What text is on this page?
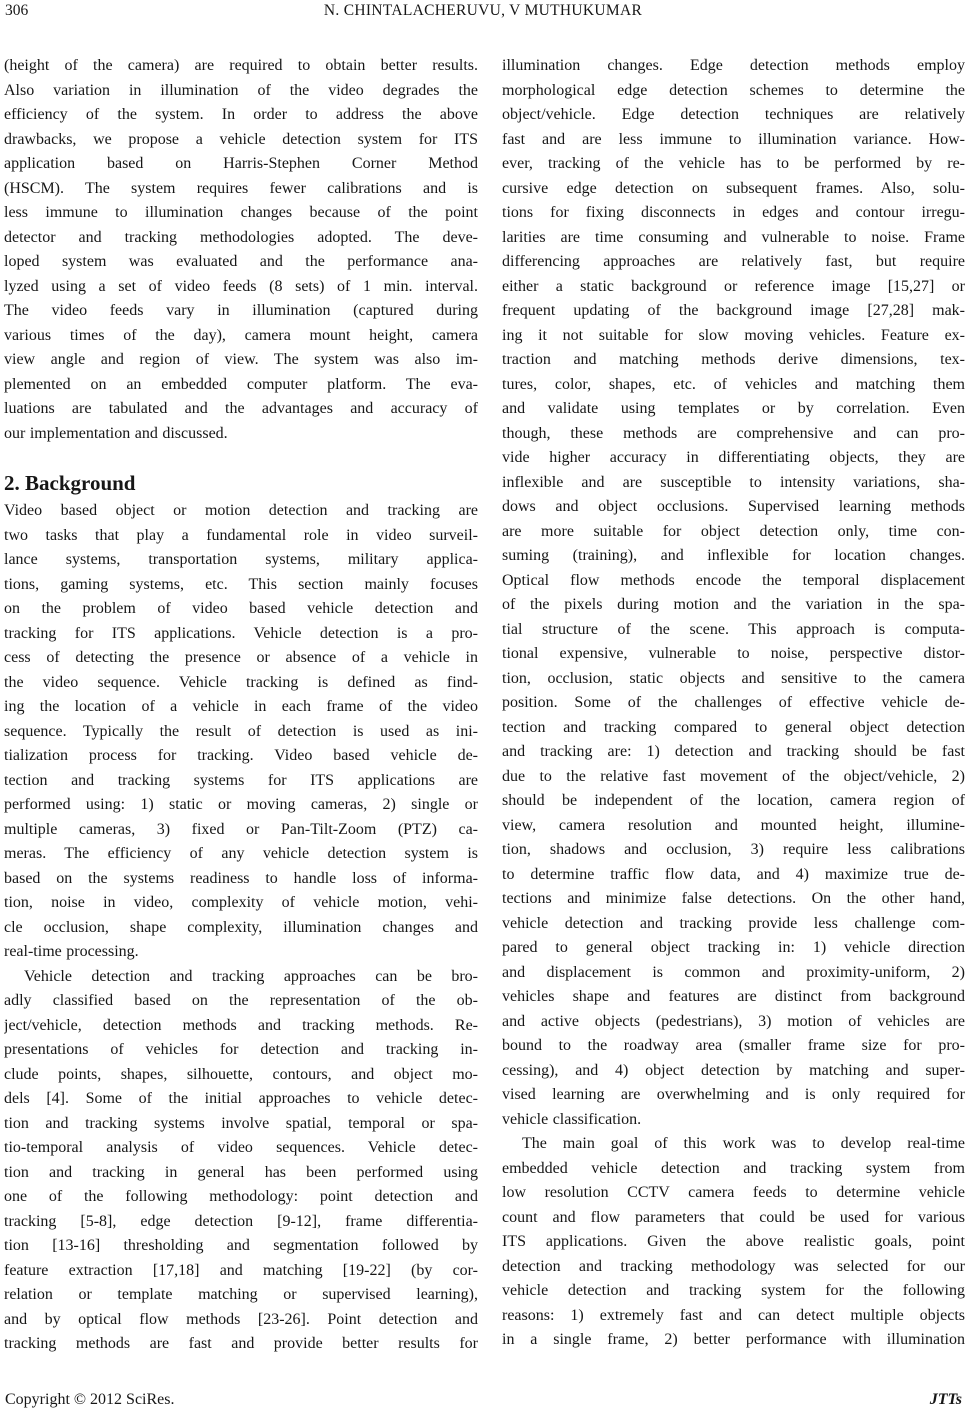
306	N. CHINTALACHERUVU, V MUTHUKUMAR
(height of the camera) are required to obtain better results.
Also variation in illumination of the video degrades the
efficiency of the system. In order to address the above
drawbacks, we propose a vehicle detection system for ITS
application based on Harris-Stephen Corner Method
(HSCM). The system requires fewer calibrations and is
less immune to illumination changes because of the point
detector and tracking methodologies adopted. The deve-
loped system was evaluated and the performance ana-
lyzed using a set of video feeds (8 sets) of 1 min. interval.
The video feeds vary in illumination (captured during
various times of the day), camera mount height, camera
view angle and region of view. The system was also im-
plemented on an embedded computer platform. The eva-
luations are tabulated and the advantages and accuracy of
our implementation and discussed.
2. Background
Video based object or motion detection and tracking are
two tasks that play a fundamental role in video surveil-
lance systems, transportation systems, military applica-
tions, gaming systems, etc. This section mainly focuses
on the problem of video based vehicle detection and
tracking for ITS applications. Vehicle detection is a pro-
cess of detecting the presence or absence of a vehicle in
the video sequence. Vehicle tracking is defined as find-
ing the location of a vehicle in each frame of the video
sequence. Typically the result of detection is used as ini-
tialization process for tracking. Video based vehicle de-
tection and tracking systems for ITS applications are
performed using: 1) static or moving cameras, 2) single or
multiple cameras, 3) fixed or Pan-Tilt-Zoom (PTZ) ca-
meras. The efficiency of any vehicle detection system is
based on the systems readiness to handle loss of informa-
tion, noise in video, complexity of vehicle motion, vehi-
cle occlusion, shape complexity, illumination changes and
real-time processing.
Vehicle detection and tracking approaches can be bro-
adly classified based on the representation of the ob-
ject/vehicle, detection methods and tracking methods. Re-
presentations of vehicles for detection and tracking in-
clude points, shapes, silhouette, contours, and object mo-
dels [4]. Some of the initial approaches to vehicle detec-
tion and tracking systems involve spatial, temporal or spa-
tio-temporal analysis of video sequences. Vehicle detec-
tion and tracking in general has been performed using
one of the following methodology: point detection and
tracking [5-8], edge detection [9-12], frame differentia-
tion [13-16] thresholding and segmentation followed by
feature extraction [17,18] and matching [19-22] (by cor-
relation or template matching or supervised learning),
and by optical flow methods [23-26]. Point detection and
tracking methods are fast and provide better results for
illumination changes. Edge detection methods employ
morphological edge detection schemes to determine the
object/vehicle. Edge detection techniques are relatively
fast and are less immune to illumination variance. How-
ever, tracking of the vehicle has to be performed by re-
cursive edge detection on subsequent frames. Also, solu-
tions for fixing disconnects in edges and contour irregu-
larities are time consuming and vulnerable to noise. Frame
differencing approaches are relatively fast, but require
either a static background or reference image [15,27] or
frequent updating of the background image [27,28] mak-
ing it not suitable for slow moving vehicles. Feature ex-
traction and matching methods derive dimensions, tex-
tures, color, shapes, etc. of vehicles and matching them
and validate using templates or by correlation. Even
though, these methods are comprehensive and can pro-
vide higher accuracy in differentiating objects, they are
inflexible and are susceptible to intensity variations, sha-
dows and object occlusions. Supervised learning methods
are more suitable for object detection only, time con-
suming (training), and inflexible for location changes.
Optical flow methods encode the temporal displacement
of the pixels during motion and the variation in the spa-
tial structure of the scene. This approach is computa-
tional expensive, vulnerable to noise, perspective distor-
tion, occlusion, static objects and sensitive to the camera
position. Some of the challenges of effective vehicle de-
tection and tracking compared to general object detection
and tracking are: 1) detection and tracking should be fast
due to the relative fast movement of the object/vehicle, 2)
should be independent of the location, camera region of
view, camera resolution and mounted height, illumine-
tion, shadows and occlusion, 3) require less calibrations
to determine traffic flow data, and 4) maximize true de-
tections and minimize false detections. On the other hand,
vehicle detection and tracking provide less challenge com-
pared to general object tracking in: 1) vehicle direction
and displacement is common and proximity-uniform, 2)
vehicles shape and features are distinct from background
and active objects (pedestrians), 3) motion of vehicles are
bound to the roadway area (smaller frame size for pro-
cessing), and 4) object detection by matching and super-
vised learning are overwhelming and is only required for
vehicle classification.
The main goal of this work was to develop real-time
embedded vehicle detection and tracking system from
low resolution CCTV camera feeds to determine vehicle
count and flow parameters that could be used for various
ITS applications. Given the above realistic goals, point
detection and tracking methodology was selected for our
vehicle detection and tracking system for the following
reasons: 1) extremely fast and can detect multiple objects
in a single frame, 2) better performance with illumination
Copyright © 2012 SciRes.	JTTs
